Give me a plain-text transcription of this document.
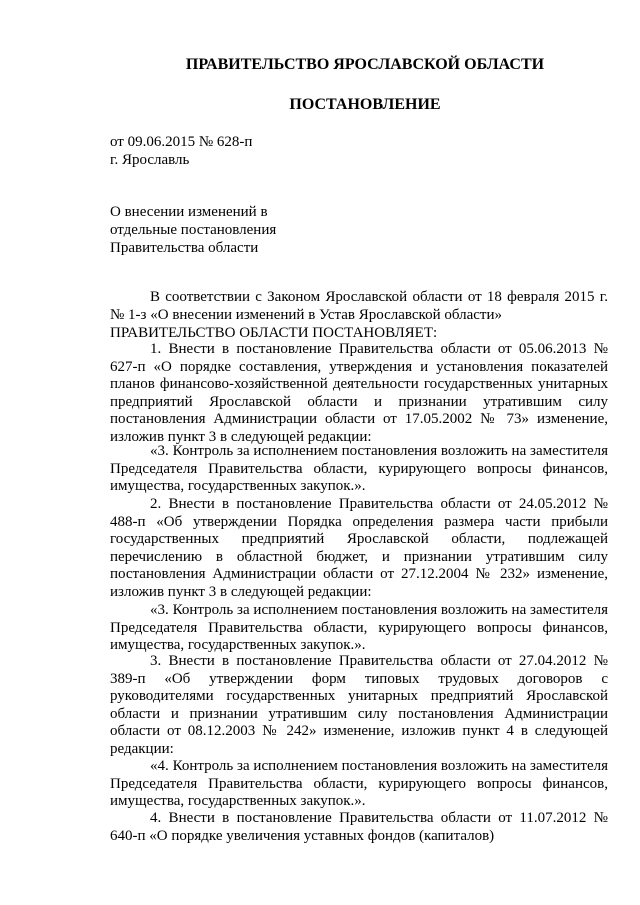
ПРАВИТЕЛЬСТВО ЯРОСЛАВСКОЙ ОБЛАСТИ
ПОСТАНОВЛЕНИЕ
от 09.06.2015 № 628-п
г. Ярославль
О внесении изменений в
отдельные постановления
Правительства области
В соответствии с Законом Ярославской области от 18 февраля 2015 г. № 1-з «О внесении изменений в Устав Ярославской области»
ПРАВИТЕЛЬСТВО ОБЛАСТИ ПОСТАНОВЛЯЕТ:
1. Внести в постановление Правительства области от 05.06.2013 № 627-п «О порядке составления, утверждения и установления показателей планов финансово-хозяйственной деятельности государственных унитарных предприятий Ярославской области и признании утратившим силу постановления Администрации области от 17.05.2002 № 73» изменение, изложив пункт 3 в следующей редакции:
«3. Контроль за исполнением постановления возложить на заместителя Председателя Правительства области, курирующего вопросы финансов, имущества, государственных закупок.».
2. Внести в постановление Правительства области от 24.05.2012 № 488-п «Об утверждении Порядка определения размера части прибыли государственных предприятий Ярославской области, подлежащей перечислению в областной бюджет, и признании утратившим силу постановления Администрации области от 27.12.2004 № 232» изменение, изложив пункт 3 в следующей редакции:
«3. Контроль за исполнением постановления возложить на заместителя Председателя Правительства области, курирующего вопросы финансов, имущества, государственных закупок.».
3. Внести в постановление Правительства области от 27.04.2012 № 389-п «Об утверждении форм типовых трудовых договоров с руководителями государственных унитарных предприятий Ярославской области и признании утратившим силу постановления Администрации области от 08.12.2003 № 242» изменение, изложив пункт 4 в следующей редакции:
«4. Контроль за исполнением постановления возложить на заместителя Председателя Правительства области, курирующего вопросы финансов, имущества, государственных закупок.».
4. Внести в постановление Правительства области от 11.07.2012 № 640-п «О порядке увеличения уставных фондов (капиталов)
